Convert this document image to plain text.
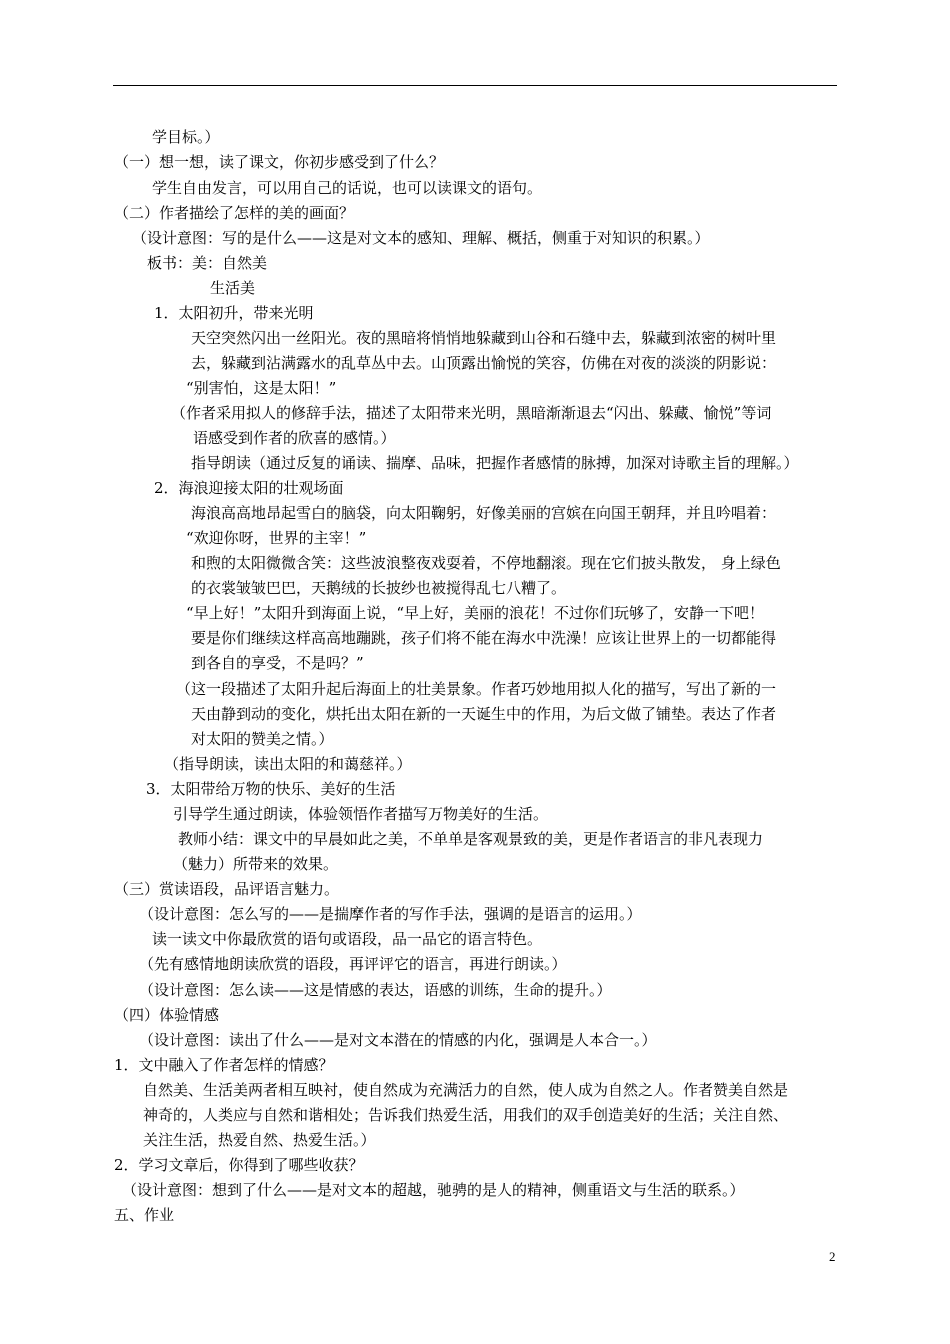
学目标。）
（一）想一想，读了课文，你初步感受到了什么？
学生自由发言，可以用自己的话说，也可以读课文的语句。
（二）作者描绘了怎样的美的画面？
（设计意图：写的是什么——这是对文本的感知、理解、概括，侧重于对知识的积累。）
板书：美：自然美
生活美
1．太阳初升，带来光明
天空突然闪出一丝阳光。夜的黑暗将悄悄地躲藏到山谷和石缝中去，躲藏到浓密的树叶里
去，躲藏到沾满露水的乱草丛中去。山顶露出愉悦的笑容，仿佛在对夜的淡淡的阴影说：
“别害怕，这是太阳！”
（作者采用拟人的修辞手法，描述了太阳带来光明，黑暗渐渐退去“闪出、躲藏、愉悦”等词
语感受到作者的欣喜的感情。）
指导朗读（通过反复的诵读、揣摩、品味，把握作者感情的脉搏，加深对诗歌主旨的理解。）
2．海浪迎接太阳的壮观场面
海浪高高地昂起雪白的脑袋，向太阳鞠躬，好像美丽的宫嫔在向国王朝拜，并且吟唱着：
“欢迎你呀，世界的主宰！”
和煦的太阳微微含笑：这些波浪整夜戏耍着，不停地翻滚。现在它们披头散发， 身上绿色
的衣裳皱皱巴巴，天鹅绒的长披纱也被搅得乱七八糟了。
“早上好！”太阳升到海面上说，“早上好，美丽的浪花！不过你们玩够了，安静一下吧！
要是你们继续这样高高地蹦跳，孩子们将不能在海水中洗澡！应该让世界上的一切都能得
到各自的享受，不是吗？”
（这一段描述了太阳升起后海面上的壮美景象。作者巧妙地用拟人化的描写，写出了新的一
天由静到动的变化，烘托出太阳在新的一天诞生中的作用，为后文做了铺垫。表达了作者
对太阳的赞美之情。）
（指导朗读，读出太阳的和蔼慈祥。）
3．太阳带给万物的快乐、美好的生活
引导学生通过朗读，体验领悟作者描写万物美好的生活。
教师小结：课文中的早晨如此之美，不单单是客观景致的美，更是作者语言的非凡表现力
（魅力）所带来的效果。
（三）赏读语段，品评语言魅力。
（设计意图：怎么写的——是揣摩作者的写作手法，强调的是语言的运用。）
读一读文中你最欣赏的语句或语段，品一品它的语言特色。
（先有感情地朗读欣赏的语段，再评评它的语言，再进行朗读。）
（设计意图：怎么读——这是情感的表达，语感的训练，生命的提升。）
（四）体验情感
（设计意图：读出了什么——是对文本潜在的情感的内化，强调是人本合一。）
1．文中融入了作者怎样的情感？
自然美、生活美两者相互映衬，使自然成为充满活力的自然，使人成为自然之人。作者赞美自然是
神奇的，人类应与自然和谐相处；告诉我们热爱生活，用我们的双手创造美好的生活；关注自然、
关注生活，热爱自然、热爱生活。）
2．学习文章后，你得到了哪些收获？
（设计意图：想到了什么——是对文本的超越，驰骋的是人的精神，侧重语文与生活的联系。）
五、作业
2
